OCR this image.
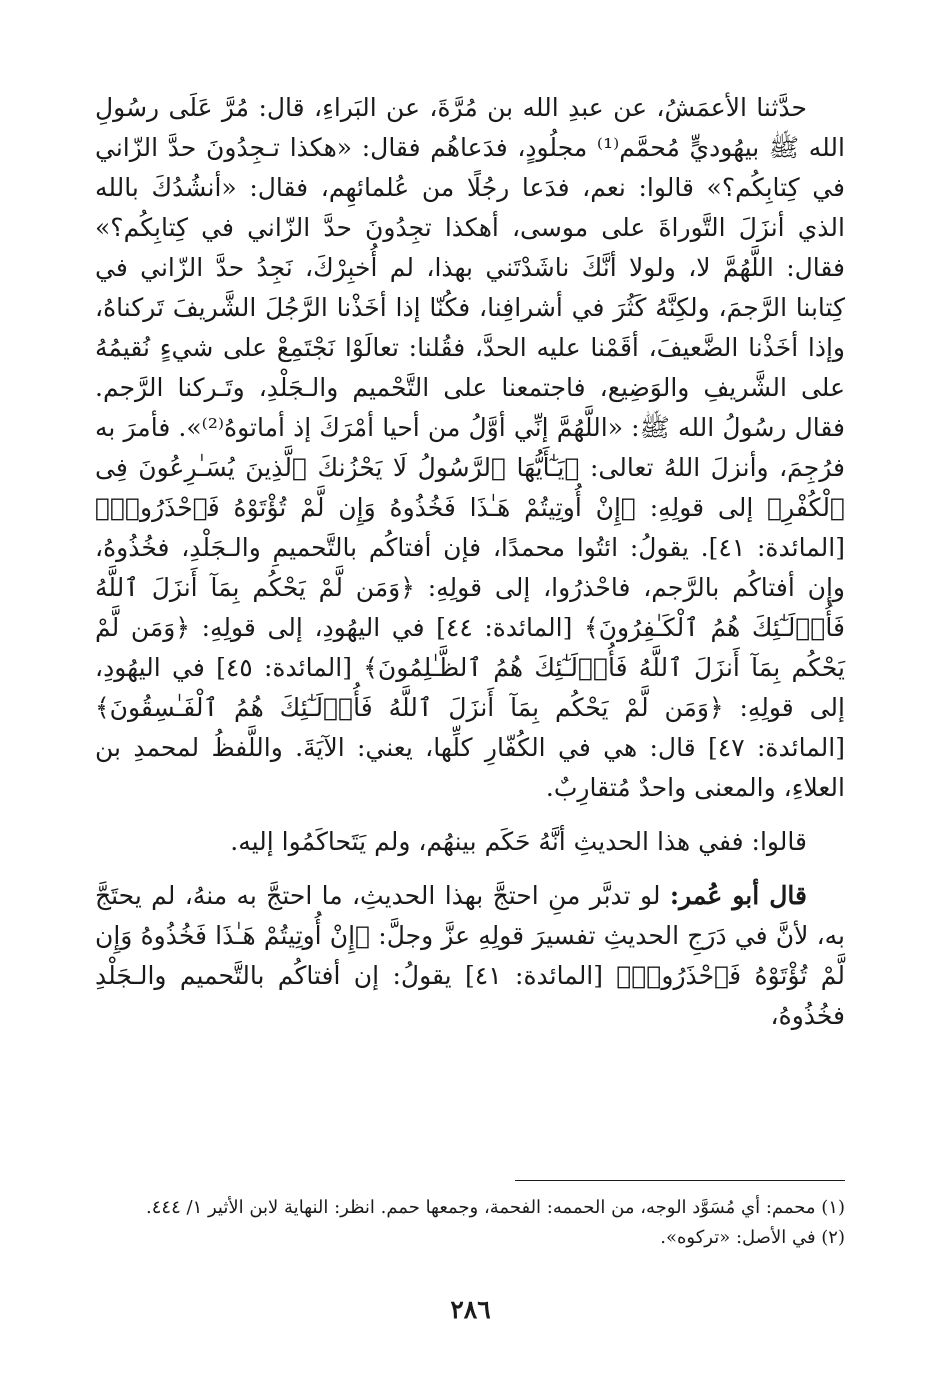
حدَّثنا الأعمَشُ، عن عبدِ الله بن مُرَّةَ، عن البَراءِ، قال: مُرَّ عَلَى رسُولِ الله ﷺ بيهُوديٍّ مُحمَّم⁽¹⁾ مجلُودٍ، فدَعاهُم فقال: «هكذا تـجِدُونَ حدَّ الزّاني في كِتابِكُم؟» قالوا: نعم، فدَعا رجُلًا من عُلمائهِم، فقال: «أنشُدُكَ بالله الذي أنزَلَ التَّوراةَ على موسى، أهكذا تجِدُونَ حدَّ الزّاني في كِتابِكُم؟» فقال: اللَّهُمَّ لا، ولولا أنَّكَ ناشَدْتَني بهذا، لم أُخبِرْكَ، نَجِدُ حدَّ الزّاني في كِتابنا الرَّجمَ، ولكِنَّهُ كَثُرَ في أشرافِنا، فكُنّا إذا أخَذْنا الرَّجُلَ الشَّريفَ تَركناهُ، وإذا أخَذْنا الضَّعيفَ، أقَمْنا عليه الحدَّ، فقُلنا: تعالَوْا نَجْتَمِعْ على شيءٍ نُقيمُهُ على الشَّريفِ والوَضِيع، فاجتمعنا على التَّحْميم والـجَلْدِ، وتَـركنا الرَّجم. فقال رسُولُ الله ﷺ: «اللَّهُمَّ إنِّي أوَّلُ من أحيا أمْرَكَ إذ أماتوهُ⁽²⁾». فأمرَ به فرُجِمَ، وأنزلَ اللهُ تعالى: ﴿يَـٰٓأَيُّهَا ٱلرَّسُولُ لَا يَحْزُنكَ ٱلَّذِينَ يُسَـٰرِعُونَ فِى ٱلْكُفْرِ﴾ إلى قولِهِ: ﴿إِنْ أُوتِيتُمْ هَـٰذَا فَخُذُوهُ وَإِن لَّمْ تُؤْتَوْهُ فَٱحْذَرُوا۟﴾ [المائدة: ٤١]. يقولُ: ائتُوا محمدًا، فإن أفتاكُم بالتَّحميمِ والـجَلْدِ، فخُذُوهُ، وإن أفتاكُم بالرَّجم، فاحْذرُوا، إلى قولِهِ: ﴿وَمَن لَّمْ يَحْكُم بِمَآ أَنزَلَ ٱللَّهُ فَأُو۟لَـٰٓئِكَ هُمُ ٱلْكَـٰفِرُونَ﴾ [المائدة: ٤٤] في اليهُودِ، إلى قولِهِ: ﴿وَمَن لَّمْ يَحْكُم بِمَآ أَنزَلَ ٱللَّهُ فَأُو۟لَـٰٓئِكَ هُمُ ٱلظَّـٰلِمُونَ﴾ [المائدة: ٤٥] في اليهُودِ، إلى قولِهِ: ﴿وَمَن لَّمْ يَحْكُم بِمَآ أَنزَلَ ٱللَّهُ فَأُو۟لَـٰٓئِكَ هُمُ ٱلْفَـٰسِقُونَ﴾ [المائدة: ٤٧] قال: هي في الكُفّارِ كلِّها، يعني: الآيَةَ. واللَّفظُ لمحمدِ بن العلاءِ، والمعنى واحدٌ مُتقارِبٌ.

قالوا: ففي هذا الحديثِ أنَّهُ حَكَم بينهُم، ولم يَتَحاكَمُوا إليه.

قال أبو عُمر: لو تدبَّر منِ احتجَّ بهذا الحديثِ، ما احتجَّ به منهُ، لم يحتَجَّ به، لأنَّ في دَرَجِ الحديثِ تفسيرَ قولِهِ عزَّ وجلَّ: ﴿إِنْ أُوتِيتُمْ هَـٰذَا فَخُذُوهُ وَإِن لَّمْ تُؤْتَوْهُ فَٱحْذَرُوا۟﴾ [المائدة: ٤١] يقولُ: إن أفتاكُم بالتَّحميم والـجَلْدِ فخُذُوهُ،

(١) محمم: أي مُسَوَّد الوجه، من الحممه: الفحمة، وجمعها حمم. انظر: النهاية لابن الأثير ١/ ٤٤٤.

(٢) في الأصل: «تركوه».

٢٨٦
